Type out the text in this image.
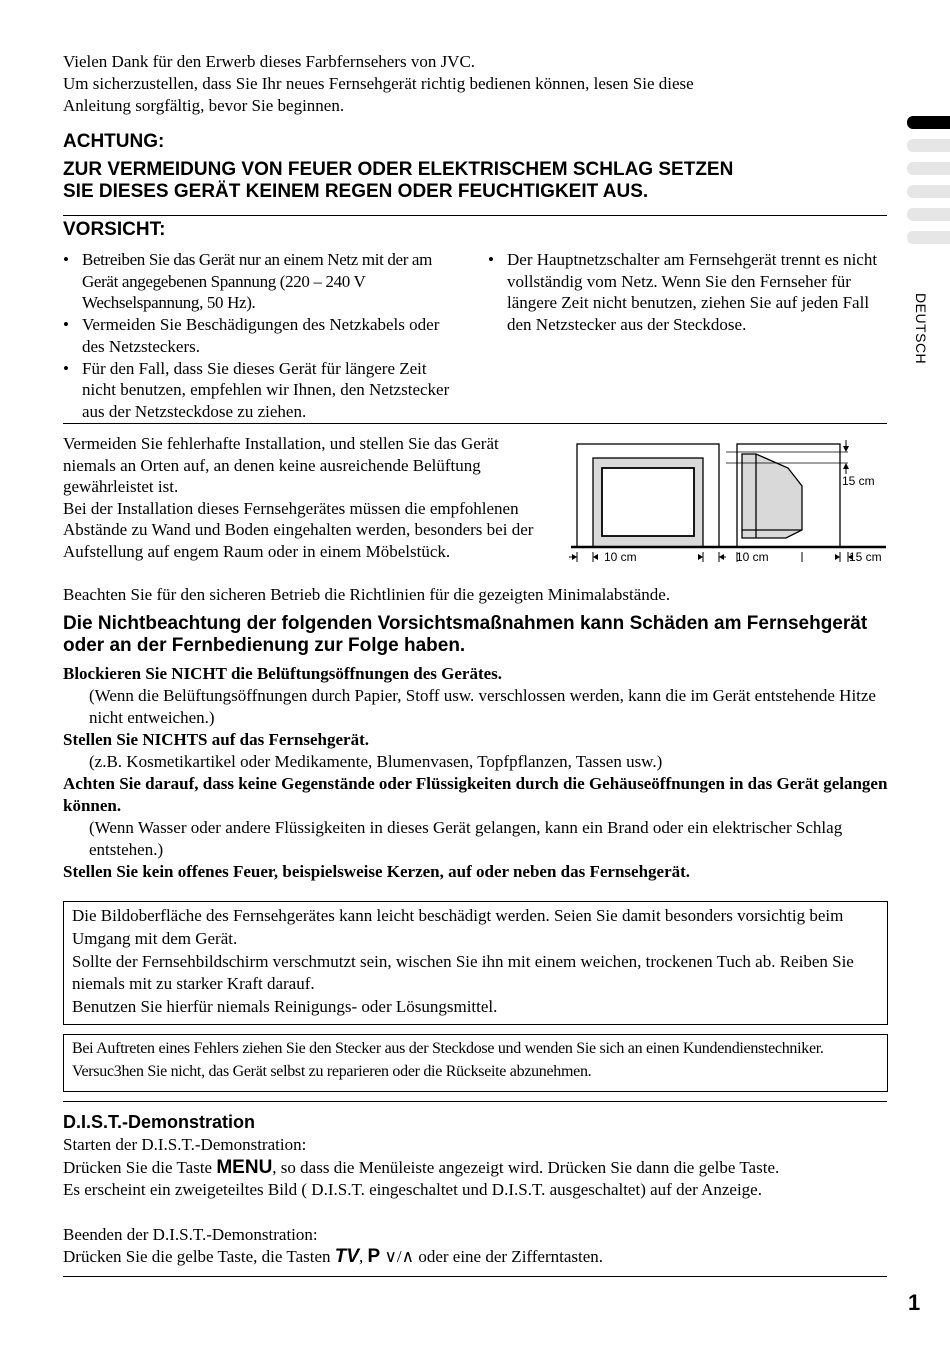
Vielen Dank für den Erwerb dieses Farbfernsehers von JVC.

Um sicherzustellen, dass Sie Ihr neues Fernsehgerät richtig bedienen können, lesen Sie diese

Anleitung sorgfältig, bevor Sie beginnen.

ACHTUNG:
ZUR VERMEIDUNG VON FEUER ODER ELEKTRISCHEM SCHLAG SETZEN
SIE DIESES GERÄT KEINEM REGEN ODER FEUCHTIGKEIT AUS.
VORSICHT:
• Betreiben Sie das Gerät nur an einem Netz mit der am Gerät angegebenen Spannung (220 – 240 V Wechselspannung, 50 Hz).
• Vermeiden Sie Beschädigungen des Netzkabels oder des Netzsteckers.
• Für den Fall, dass Sie dieses Gerät für längere Zeit nicht benutzen, empfehlen wir Ihnen, den Netzstecker aus der Netzsteckdose zu ziehen.
• Der Hauptnetzschalter am Fernsehgerät trennt es nicht vollständig vom Netz. Wenn Sie den Fernseher für längere Zeit nicht benutzen, ziehen Sie auf jeden Fall den Netzstecker aus der Steckdose.

Vermeiden Sie fehlerhafte Installation, und stellen Sie das Gerät niemals an Orten auf, an denen keine ausreichende Belüftung gewährleistet ist.

Bei der Installation dieses Fernsehgerätes müssen die empfohlenen Abstände zu Wand und Boden eingehalten werden, besonders bei der Aufstellung auf engem Raum oder in einem Möbelstück.

Beachten Sie für den sicheren Betrieb die Richtlinien für die gezeigten Minimalabstände.
10 cm	10 cm	15 cm
15 cm
Die Nichtbeachtung der folgenden Vorsichtsmaßnahmen kann Schäden am Fernsehgerät oder an der Fernbedienung zur Folge haben.

Blockieren Sie NICHT die Belüftungsöffnungen des Gerätes.

(Wenn die Belüftungsöffnungen durch Papier, Stoff usw. verschlossen werden, kann die im Gerät entstehende Hitze nicht entweichen.)

Stellen Sie NICHTS auf das Fernsehgerät.

(z.B. Kosmetikartikel oder Medikamente, Blumenvasen, Topfpflanzen, Tassen usw.)

Achten Sie darauf, dass keine Gegenstände oder Flüssigkeiten durch die Gehäuseöffnungen in das Gerät gelangen können.

(Wenn Wasser oder andere Flüssigkeiten in dieses Gerät gelangen, kann ein Brand oder ein elektrischer Schlag entstehen.)

Stellen Sie kein offenes Feuer, beispielsweise Kerzen, auf oder neben das Fernsehgerät.

Die Bildoberfläche des Fernsehgerätes kann leicht beschädigt werden. Seien Sie damit besonders vorsichtig beim Umgang mit dem Gerät.

Sollte der Fernsehbildschirm verschmutzt sein, wischen Sie ihn mit einem weichen, trockenen Tuch ab. Reiben Sie niemals mit zu starker Kraft darauf.

Benutzen Sie hierfür niemals Reinigungs- oder Lösungsmittel.

Bei Auftreten eines Fehlers ziehen Sie den Stecker aus der Steckdose und wenden Sie sich an einen Kundendienstechniker. Versuc3hen Sie nicht, das Gerät selbst zu reparieren oder die Rückseite abzunehmen.

D.I.S.T.-Demonstration

Starten der D.I.S.T.-Demonstration:

Drücken Sie die Taste MENU, so dass die Menüleiste angezeigt wird. Drücken Sie dann die gelbe Taste.

Es erscheint ein zweigeteiltes Bild ( D.I.S.T. eingeschaltet und D.I.S.T. ausgeschaltet) auf der Anzeige.

Beenden der D.I.S.T.-Demonstration:

Drücken Sie die gelbe Taste, die Tasten TV, P ∨/∧ oder eine der Zifferntasten.

1
DEUTSCH
